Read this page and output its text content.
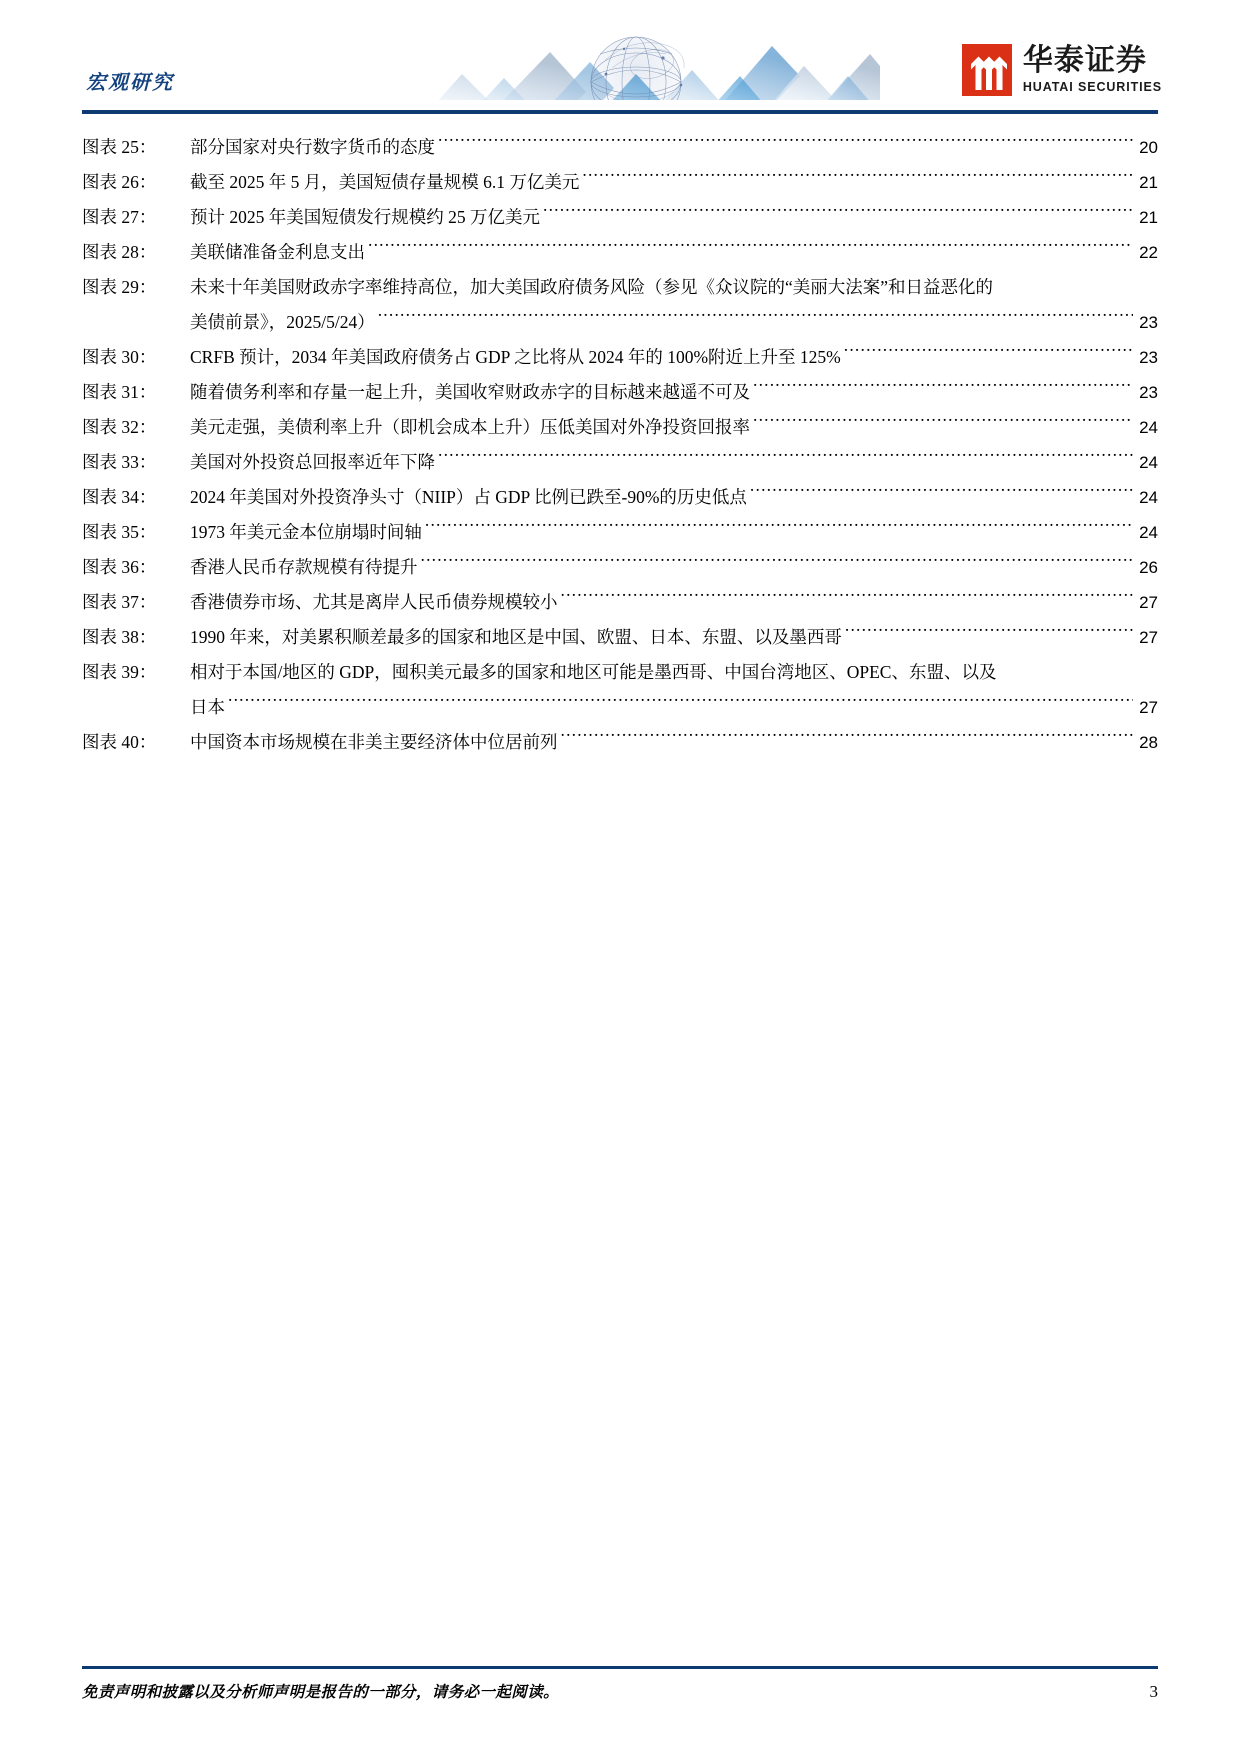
宏观研究
华泰证券
HUATAI SECURITIES
图表 25：	部分国家对央行数字货币的态度 .....	20
图表 26：	截至 2025 年 5 月，美国短债存量规模 6.1 万亿美元 .....	21
图表 27：	预计 2025 年美国短债发行规模约 25 万亿美元 .....	21
图表 28：	美联储准备金利息支出 .....	22
图表 29：	未来十年美国财政赤字率维持高位，加大美国政府债务风险（参见《众议院的“美丽大法案”和日益恶化的
美债前景》，2025/5/24） .....	23
图表 30：	CRFB 预计，2034 年美国政府债务占 GDP 之比将从 2024 年的 100%附近上升至 125% .....	23
图表 31：	随着债务利率和存量一起上升，美国收窄财政赤字的目标越来越遥不可及 .....	23
图表 32：	美元走强，美债利率上升（即机会成本上升）压低美国对外净投资回报率 .....	24
图表 33：	美国对外投资总回报率近年下降 .....	24
图表 34：	2024 年美国对外投资净头寸（NIIP）占 GDP 比例已跌至-90%的历史低点 .....	24
图表 35：	1973 年美元金本位崩塌时间轴 .....	24
图表 36：	香港人民币存款规模有待提升 .....	26
图表 37：	香港债券市场、尤其是离岸人民币债券规模较小 .....	27
图表 38：	1990 年来，对美累积顺差最多的国家和地区是中国、欧盟、日本、东盟、以及墨西哥 .....	27
图表 39：	相对于本国/地区的 GDP，囤积美元最多的国家和地区可能是墨西哥、中国台湾地区、OPEC、东盟、以及
日本 .....	27
图表 40：	中国资本市场规模在非美主要经济体中位居前列 .....	28
免责声明和披露以及分析师声明是报告的一部分，请务必一起阅读。	3
